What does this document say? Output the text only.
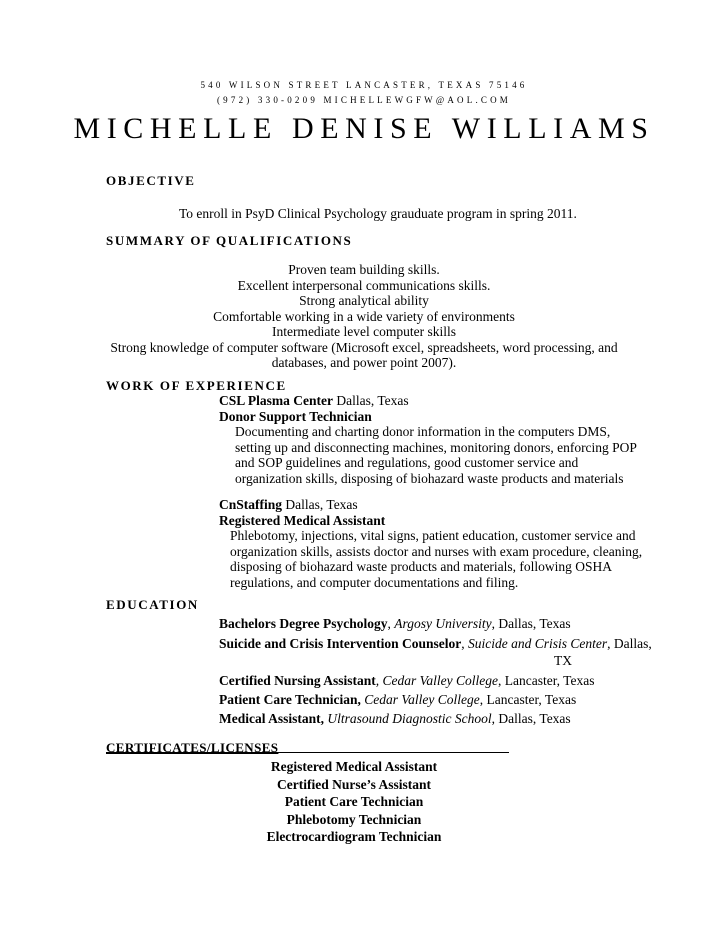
540 WILSON STREET LANCASTER, TEXAS 75146
(972) 330-0209 MICHELLEWGFW@AOL.COM
MICHELLE DENISE WILLIAMS
OBJECTIVE
To enroll in PsyD Clinical Psychology grauduate program in spring 2011.
SUMMARY OF QUALIFICATIONS
Proven team building skills.
Excellent interpersonal communications skills.
Strong analytical ability
Comfortable working in a wide variety of environments
Intermediate level computer skills
Strong knowledge of computer software (Microsoft excel, spreadsheets, word processing, and
databases, and power point 2007).
WORK OF EXPERIENCE
CSL Plasma Center Dallas, Texas
Donor Support Technician
Documenting and charting donor information in the computers DMS,
setting up and disconnecting machines, monitoring donors, enforcing POP
and SOP guidelines and regulations, good customer service and
organization skills, disposing of biohazard waste products and materials
CnStaffing Dallas, Texas
Registered Medical Assistant
Phlebotomy, injections, vital signs, patient education, customer service and
organization skills, assists doctor and nurses with exam procedure, cleaning,
disposing of biohazard waste products and materials, following OSHA
regulations, and computer documentations and filing.
EDUCATION
Bachelors Degree Psychology, Argosy University, Dallas, Texas
Suicide and Crisis Intervention Counselor, Suicide and Crisis Center, Dallas,
TX
Certified Nursing Assistant, Cedar Valley College, Lancaster, Texas
Patient Care Technician, Cedar Valley College, Lancaster, Texas
Medical Assistant, Ultrasound Diagnostic School, Dallas, Texas
CERTIFICATES/LICENSES
Registered Medical Assistant
Certified Nurse’s Assistant
Patient Care Technician
Phlebotomy Technician
Electrocardiogram Technician
